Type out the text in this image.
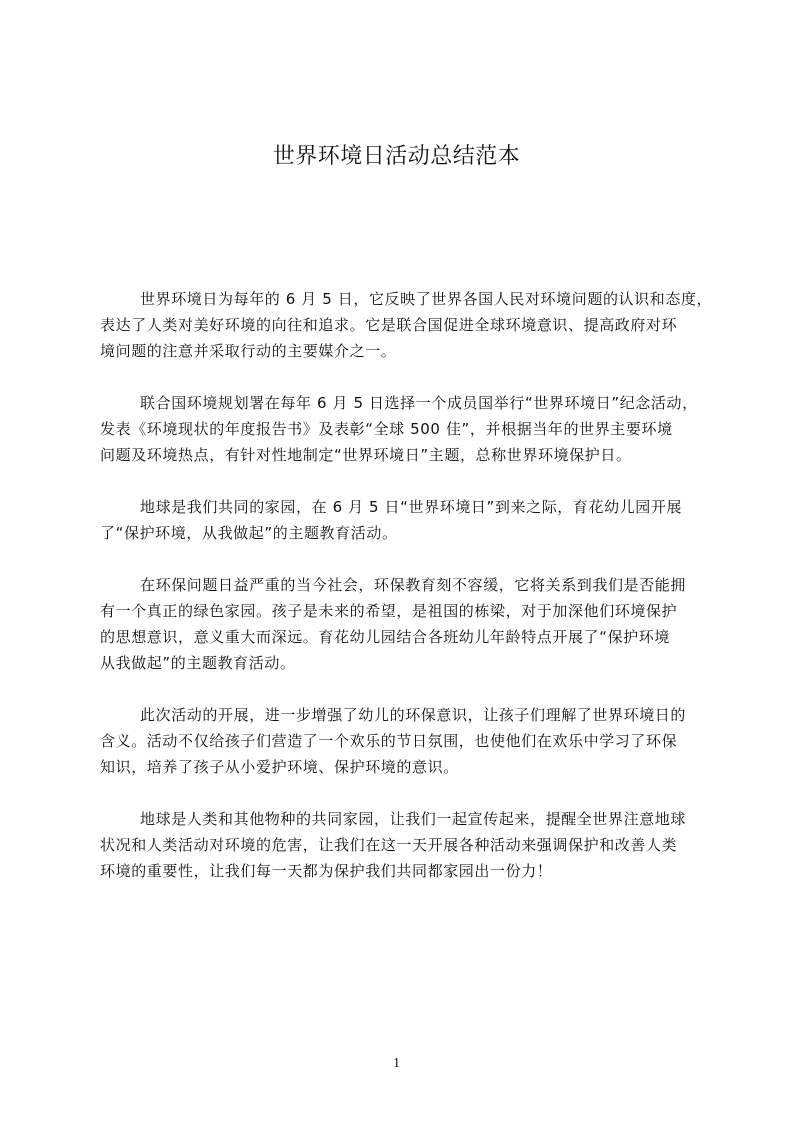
世界环境日活动总结范本

世界环境日为每年的 6 月 5 日，它反映了世界各国人民对环境问题的认识和态度，
表达了人类对美好环境的向往和追求。它是联合国促进全球环境意识、提高政府对环
境问题的注意并采取行动的主要媒介之一。

联合国环境规划署在每年 6 月 5 日选择一个成员国举行“世界环境日”纪念活动，
发表《环境现状的年度报告书》及表彰“全球 500 佳”，并根据当年的世界主要环境
问题及环境热点，有针对性地制定“世界环境日”主题，总称世界环境保护日。

地球是我们共同的家园，在 6 月 5 日“世界环境日”到来之际，育花幼儿园开展
了“保护环境，从我做起”的主题教育活动。

在环保问题日益严重的当今社会，环保教育刻不容缓，它将关系到我们是否能拥
有一个真正的绿色家园。孩子是未来的希望，是祖国的栋梁，对于加深他们环境保护
的思想意识，意义重大而深远。育花幼儿园结合各班幼儿年龄特点开展了“保护环境
从我做起”的主题教育活动。

此次活动的开展，进一步增强了幼儿的环保意识，让孩子们理解了世界环境日的
含义。活动不仅给孩子们营造了一个欢乐的节日氛围，也使他们在欢乐中学习了环保
知识，培养了孩子从小爱护环境、保护环境的意识。

地球是人类和其他物种的共同家园，让我们一起宣传起来，提醒全世界注意地球
状况和人类活动对环境的危害，让我们在这一天开展各种活动来强调保护和改善人类
环境的重要性，让我们每一天都为保护我们共同都家园出一份力！

1
